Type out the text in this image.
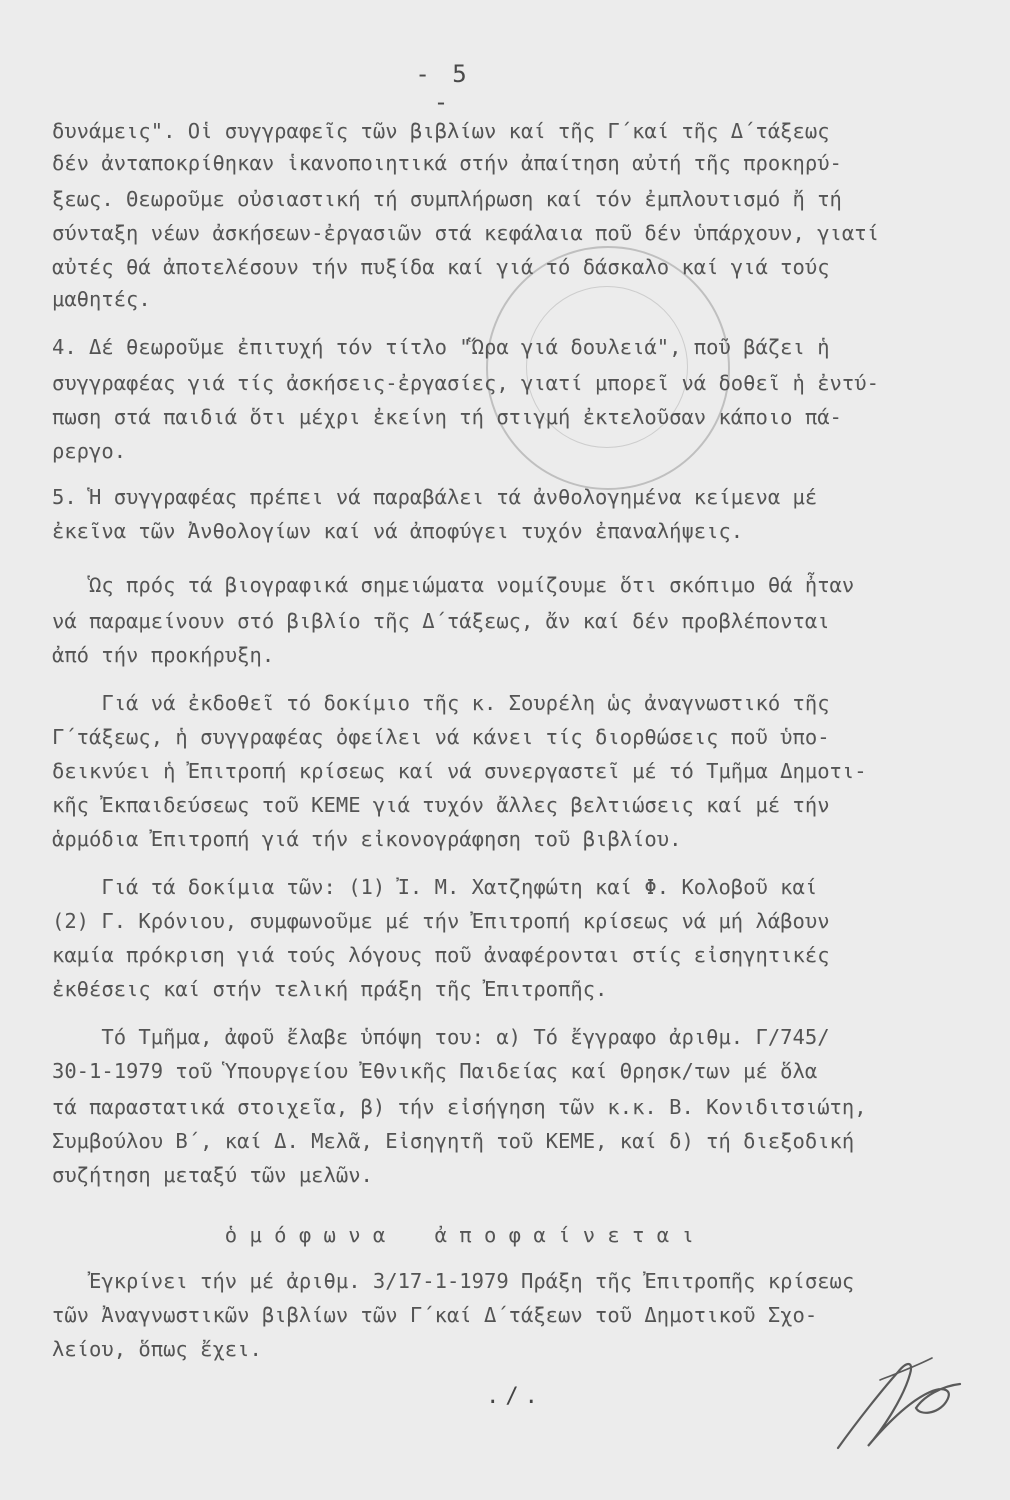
- 5 -
δυνάμεις". Οἱ συγγραφεῖς τῶν βιβλίων καί τῆς Γ΄καί τῆς Δ΄τάξεως
δέν ἀνταποκρίθηκαν ἱκανοποιητικά στήν ἀπαίτηση αὐτή τῆς προκηρύ-
ξεως. Θεωροῦμε οὐσιαστική τή συμπλήρωση καί τόν ἐμπλουτισμό ἤ τή
σύνταξη νέων ἀσκήσεων-ἐργασιῶν στά κεφάλαια ποῦ δέν ὑπάρχουν, γιατί
αὐτές θά ἀποτελέσουν τήν πυξίδα καί γιά τό δάσκαλο καί γιά τούς
μαθητές.
4. Δέ θεωροῦμε ἐπιτυχή τόν τίτλο "Ὥρα γιά δουλειά", ποῦ βάζει ἡ
συγγραφέας γιά τίς ἀσκήσεις-ἐργασίες, γιατί μπορεῖ νά δοθεῖ ἡ ἐντύ-
πωση στά παιδιά ὅτι μέχρι ἐκείνη τή στιγμή ἐκτελοῦσαν κάποιο πά-
ρεργο.
5. Ἡ συγγραφέας πρέπει νά παραβάλει τά ἀνθολογημένα κείμενα μέ
ἐκεῖνα τῶν Ἀνθολογίων καί νά ἀποφύγει τυχόν ἐπαναλήψεις.
Ὡς πρός τά βιογραφικά σημειώματα νομίζουμε ὅτι σκόπιμο θά ἦταν
νά παραμείνουν στό βιβλίο τῆς Δ΄τάξεως, ἄν καί δέν προβλέπονται
ἀπό τήν προκήρυξη.
Γιά νά ἐκδοθεῖ τό δοκίμιο τῆς κ. Σουρέλη ὡς ἀναγνωστικό τῆς
Γ΄τάξεως, ἡ συγγραφέας ὀφείλει νά κάνει τίς διορθώσεις ποῦ ὑπο-
δεικνύει ἡ Ἐπιτροπή κρίσεως καί νά συνεργαστεῖ μέ τό Τμῆμα Δημοτι-
κῆς Ἐκπαιδεύσεως τοῦ ΚΕΜΕ γιά τυχόν ἄλλες βελτιώσεις καί μέ τήν
ἁρμόδια Ἐπιτροπή γιά τήν εἰκονογράφηση τοῦ βιβλίου.
Γιά τά δοκίμια τῶν: (1) Ἰ. Μ. Χατζηφώτη καί Φ. Κολοβοῦ καί
(2) Γ. Κρόνιου, συμφωνοῦμε μέ τήν Ἐπιτροπή κρίσεως νά μή λάβουν
καμία πρόκριση γιά τούς λόγους ποῦ ἀναφέρονται στίς εἰσηγητικές
ἐκθέσεις καί στήν τελική πράξη τῆς Ἐπιτροπῆς.
Τό Τμῆμα, ἀφοῦ ἔλαβε ὑπόψη του: α) Τό ἔγγραφο ἀριθμ. Γ/745/
30-1-1979 τοῦ Ὑπουργείου Ἐθνικῆς Παιδείας καί Θρησκ/των μέ ὅλα
τά παραστατικά στοιχεῖα, β) τήν εἰσήγηση τῶν κ.κ. Β. Κονιδιτσιώτη,
Συμβούλου Β΄, καί Δ. Μελᾶ, Εἰσηγητῆ τοῦ ΚΕΜΕ, καί δ) τή διεξοδική
συζήτηση μεταξύ τῶν μελῶν.
ὁ μ ό φ ω ν α    ἀ π ο φ α ί ν ε τ α ι
Ἐγκρίνει τήν μέ ἀριθμ. 3/17-1-1979 Πράξη τῆς Ἐπιτροπῆς κρίσεως
τῶν Ἀναγνωστικῶν βιβλίων τῶν Γ΄καί Δ΄τάξεων τοῦ Δημοτικοῦ Σχο-
λείου, ὅπως ἔχει.
./.
